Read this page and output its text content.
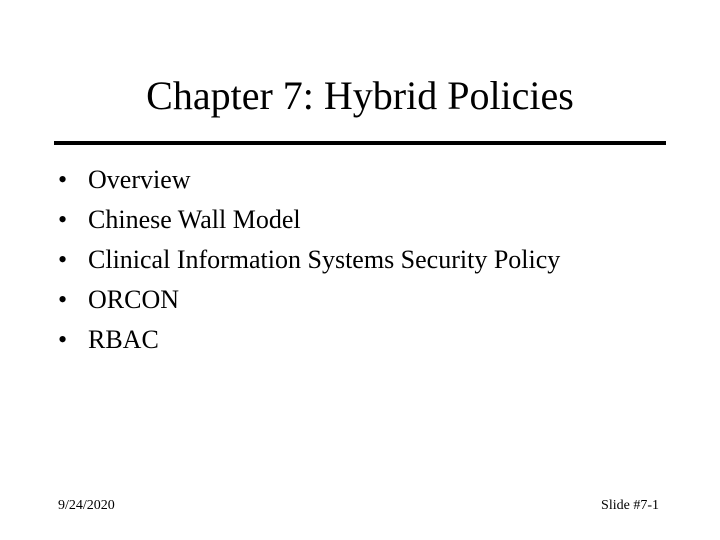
Chapter 7: Hybrid Policies
• Overview
• Chinese Wall Model
• Clinical Information Systems Security Policy
• ORCON
• RBAC
9/24/2020	Slide #7-1
